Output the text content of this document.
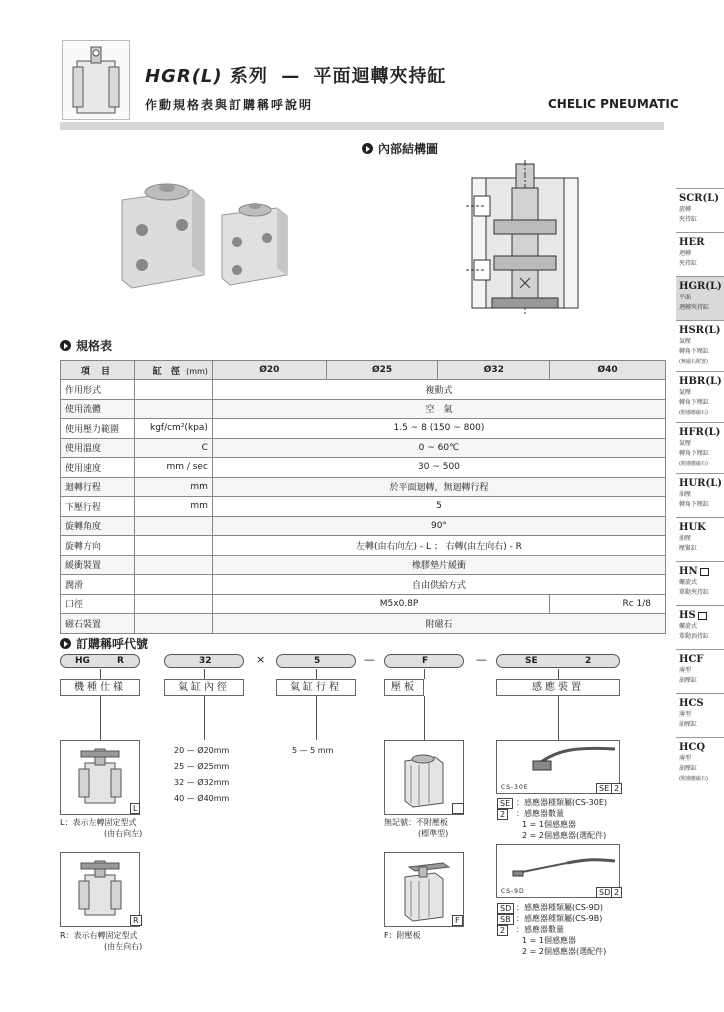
HGR(L) 系列 — 平面迴轉夾持缸
作動規格表與訂購稱呼說明	CHELIC PNEUMATIC
內部結構圖
SCR(L)
旋轉
夾持缸
HER
迴轉
夾持缸
HGR(L)
平面
迴轉夾持缸
HSR(L)
氣壓
轉角下壓缸
(無磁石附置)
HBR(L)
氣壓
轉角下壓缸
(附感應磁石)
HFR(L)
氣壓
轉角下壓缸
(附感應磁石)
HUR(L)
油壓
轉角下壓缸
HUK
油壓
壓緊缸
HN
螺旋式
單動夾持缸
HS
螺旋式
單動頂持缸
HCF
薄型
油壓缸
HCS
薄型
油壓缸
HCQ
薄型
油壓缸
(附感應磁石)
規格表
項 目	缸 徑 (mm)	Ø20	Ø25	Ø32	Ø40
作用形式		複動式			
使用流體		空　氣			
使用壓力範圍	kgf/cm²(kpa)	1.5 ~ 8 (150 ~ 800)			
使用溫度	C	0 ~ 60℃			
使用速度	mm / sec	30 ~ 500			
迴轉行程	mm	於平面迴轉，無迴轉行程			
下壓行程	mm	5			
旋轉角度		90°			
旋轉方向		左轉(由右向左) - L ； 右轉(由左向右) - R			
緩衝裝置		橡膠墊片緩衝			
潤滑		自由供給方式			
口徑		M5x0.8P			Rc 1/8
磁石裝置		附磁石			
訂購稱呼代號
HG	R	32	×	5	—	F	—	SE	2
機種仕樣	氣缸內徑	氣缸行程	壓板	感應裝置
L
L：表示左轉固定型式
(由右向左)
R
R：表示右轉固定型式
(由左向右)
20 — Ø20mm
25 — Ø25mm
32 — Ø32mm
40 — Ø40mm
5 — 5 mm
無記號：不附壓板
(標準型)
F
F：附壓板
CS-30E	SE 2
SE ：感應器種類屬(CS-30E)
2	：感應器數量
1 = 1個感應器
2 = 2個感應器(選配件)
CS-9D	SD 2
SD ：感應器種類屬(CS-9D)
SB ：感應器種類屬(CS-9B)
2	：感應器數量
1 = 1個感應器
2 = 2個感應器(選配件)
